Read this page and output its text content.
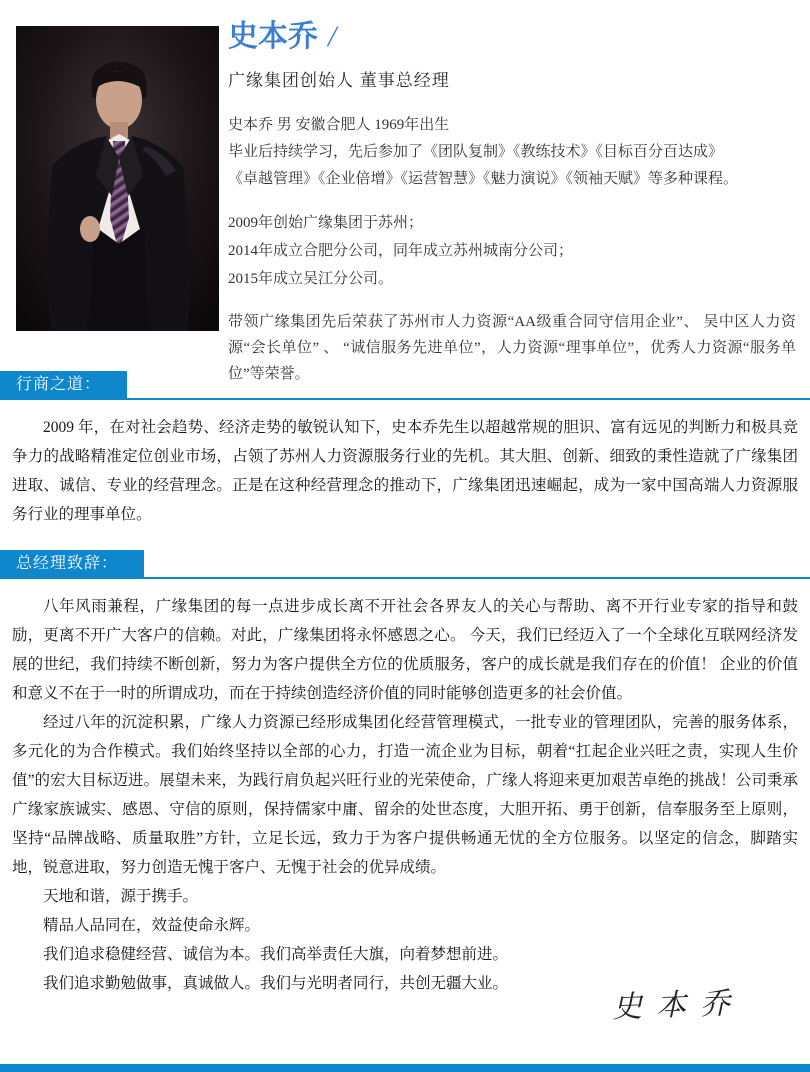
史本乔 /
广缘集团创始人 董事总经理
史本乔 男 安徽合肥人 1969年出生
毕业后持续学习，先后参加了《团队复制》《教练技术》《目标百分百达成》
《卓越管理》《企业倍增》《运营智慧》《魅力演说》《领袖天赋》等多种课程。
2009年创始广缘集团于苏州；
2014年成立合肥分公司，同年成立苏州城南分公司；
2015年成立吴江分公司。
带领广缘集团先后荣获了苏州市人力资源“AA级重合同守信用企业”、 吴中区人力资源“会长单位” 、 “诚信服务先进单位”，人力资源“理事单位”，优秀人力资源“服务单位”等荣誉。
行商之道：

2009 年，在对社会趋势、经济走势的敏锐认知下，史本乔先生以超越常规的胆识、富有远见的判断力和极具竞争力的战略精准定位创业市场，占领了苏州人力资源服务行业的先机。其大胆、创新、细致的秉性造就了广缘集团进取、诚信、专业的经营理念。正是在这种经营理念的推动下，广缘集团迅速崛起，成为一家中国高端人力资源服务行业的理事单位。

总经理致辞：

八年风雨兼程，广缘集团的每一点进步成长离不开社会各界友人的关心与帮助、离不开行业专家的指导和鼓励，更离不开广大客户的信赖。对此，广缘集团将永怀感恩之心。 今天，我们已经迈入了一个全球化互联网经济发展的世纪，我们持续不断创新，努力为客户提供全方位的优质服务，客户的成长就是我们存在的价值！ 企业的价值和意义不在于一时的所谓成功，而在于持续创造经济价值的同时能够创造更多的社会价值。

经过八年的沉淀积累，广缘人力资源已经形成集团化经营管理模式，一批专业的管理团队，完善的服务体系，多元化的为合作模式。我们始终坚持以全部的心力，打造一流企业为目标，朝着“扛起企业兴旺之责，实现人生价值”的宏大目标迈进。展望未来，为践行肩负起兴旺行业的光荣使命，广缘人将迎来更加艰苦卓绝的挑战！公司秉承广缘家族诚实、感恩、守信的原则，保持儒家中庸、留余的处世态度，大胆开拓、勇于创新，信奉服务至上原则，坚持“品牌战略、质量取胜”方针，立足长远，致力于为客户提供畅通无忧的全方位服务。以坚定的信念，脚踏实地，锐意进取，努力创造无愧于客户、无愧于社会的优异成绩。

天地和谐，源于携手。

精品人品同在，效益使命永辉。

我们追求稳健经营、诚信为本。我们高举责任大旗，向着梦想前进。

我们追求勤勉做事，真诚做人。我们与光明者同行，共创无疆大业。

史本乔
